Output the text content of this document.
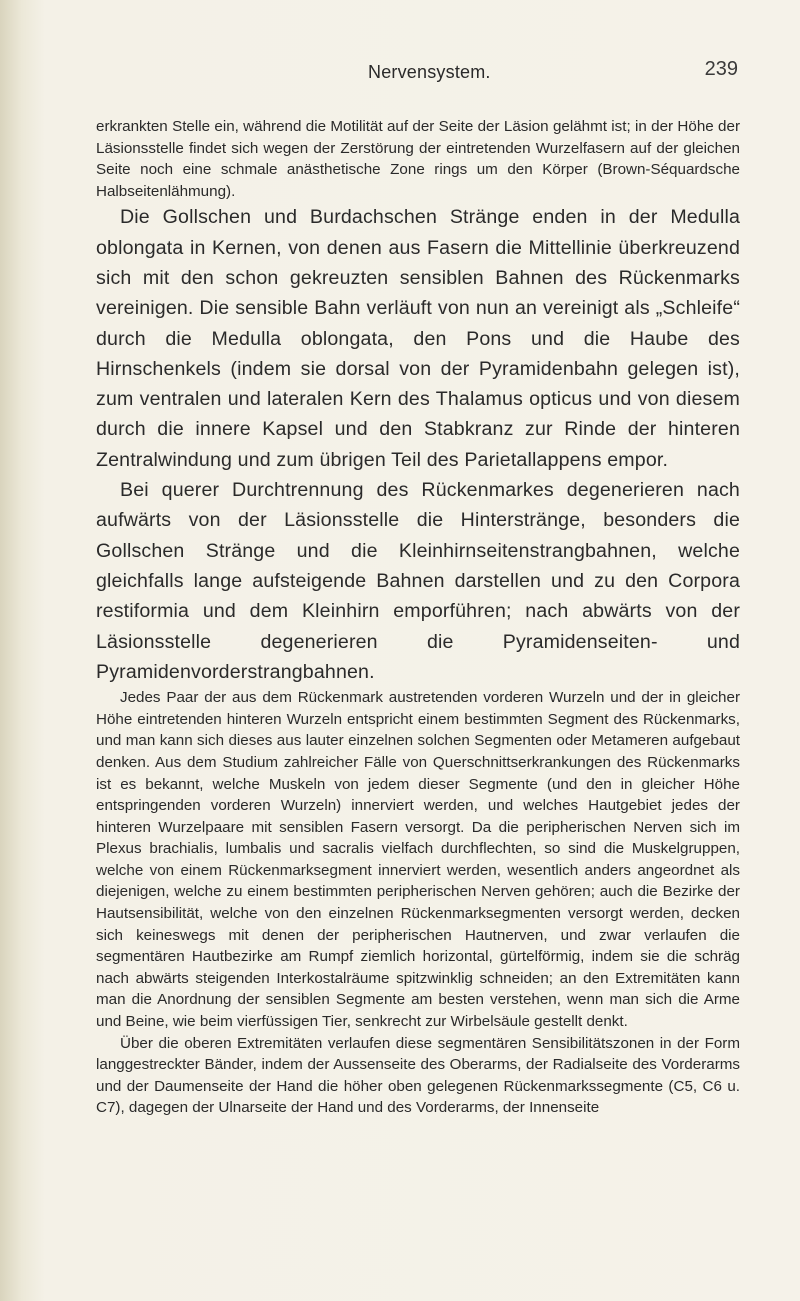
Nervensystem.	239

erkrankten Stelle ein, während die Motilität auf der Seite der Läsion gelähmt ist; in der Höhe der Läsionsstelle findet sich wegen der Zerstörung der eintretenden Wurzelfasern auf der gleichen Seite noch eine schmale anästhetische Zone rings um den Körper (Brown-Séquardsche Halbseitenlähmung).

Die Gollschen und Burdachschen Stränge enden in der Medulla oblongata in Kernen, von denen aus Fasern die Mittellinie überkreuzend sich mit den schon gekreuzten sensiblen Bahnen des Rückenmarks vereinigen. Die sensible Bahn verläuft von nun an vereinigt als „Schleife“ durch die Medulla oblongata, den Pons und die Haube des Hirnschenkels (indem sie dorsal von der Pyramidenbahn gelegen ist), zum ventralen und lateralen Kern des Thalamus opticus und von diesem durch die innere Kapsel und den Stabkranz zur Rinde der hinteren Zentralwindung und zum übrigen Teil des Parietallappens empor.

Bei querer Durchtrennung des Rückenmarkes degenerieren nach aufwärts von der Läsionsstelle die Hinterstränge, besonders die Gollschen Stränge und die Kleinhirnseitenstrangbahnen, welche gleichfalls lange aufsteigende Bahnen darstellen und zu den Corpora restiformia und dem Kleinhirn emporführen; nach abwärts von der Läsionsstelle degenerieren die Pyramidenseiten- und Pyramidenvorderstrangbahnen.

Jedes Paar der aus dem Rückenmark austretenden vorderen Wurzeln und der in gleicher Höhe eintretenden hinteren Wurzeln entspricht einem bestimmten Segment des Rückenmarks, und man kann sich dieses aus lauter einzelnen solchen Segmenten oder Metameren aufgebaut denken. Aus dem Studium zahlreicher Fälle von Querschnittserkrankungen des Rückenmarks ist es bekannt, welche Muskeln von jedem dieser Segmente (und den in gleicher Höhe entspringenden vorderen Wurzeln) innerviert werden, und welches Hautgebiet jedes der hinteren Wurzelpaare mit sensiblen Fasern versorgt. Da die peripherischen Nerven sich im Plexus brachialis, lumbalis und sacralis vielfach durchflechten, so sind die Muskelgruppen, welche von einem Rückenmarksegment innerviert werden, wesentlich anders angeordnet als diejenigen, welche zu einem bestimmten peripherischen Nerven gehören; auch die Bezirke der Hautsensibilität, welche von den einzelnen Rückenmarksegmenten versorgt werden, decken sich keineswegs mit denen der peripherischen Hautnerven, und zwar verlaufen die segmentären Hautbezirke am Rumpf ziemlich horizontal, gürtelförmig, indem sie die schräg nach abwärts steigenden Interkostalräume spitzwinklig schneiden; an den Extremitäten kann man die Anordnung der sensiblen Segmente am besten verstehen, wenn man sich die Arme und Beine, wie beim vierfüssigen Tier, senkrecht zur Wirbelsäule gestellt denkt.

Über die oberen Extremitäten verlaufen diese segmentären Sensibilitätszonen in der Form langgestreckter Bänder, indem der Aussenseite des Oberarms, der Radialseite des Vorderarms und der Daumenseite der Hand die höher oben gelegenen Rückenmarkssegmente (C5, C6 u. C7), dagegen der Ulnarseite der Hand und des Vorderarms, der Innenseite
